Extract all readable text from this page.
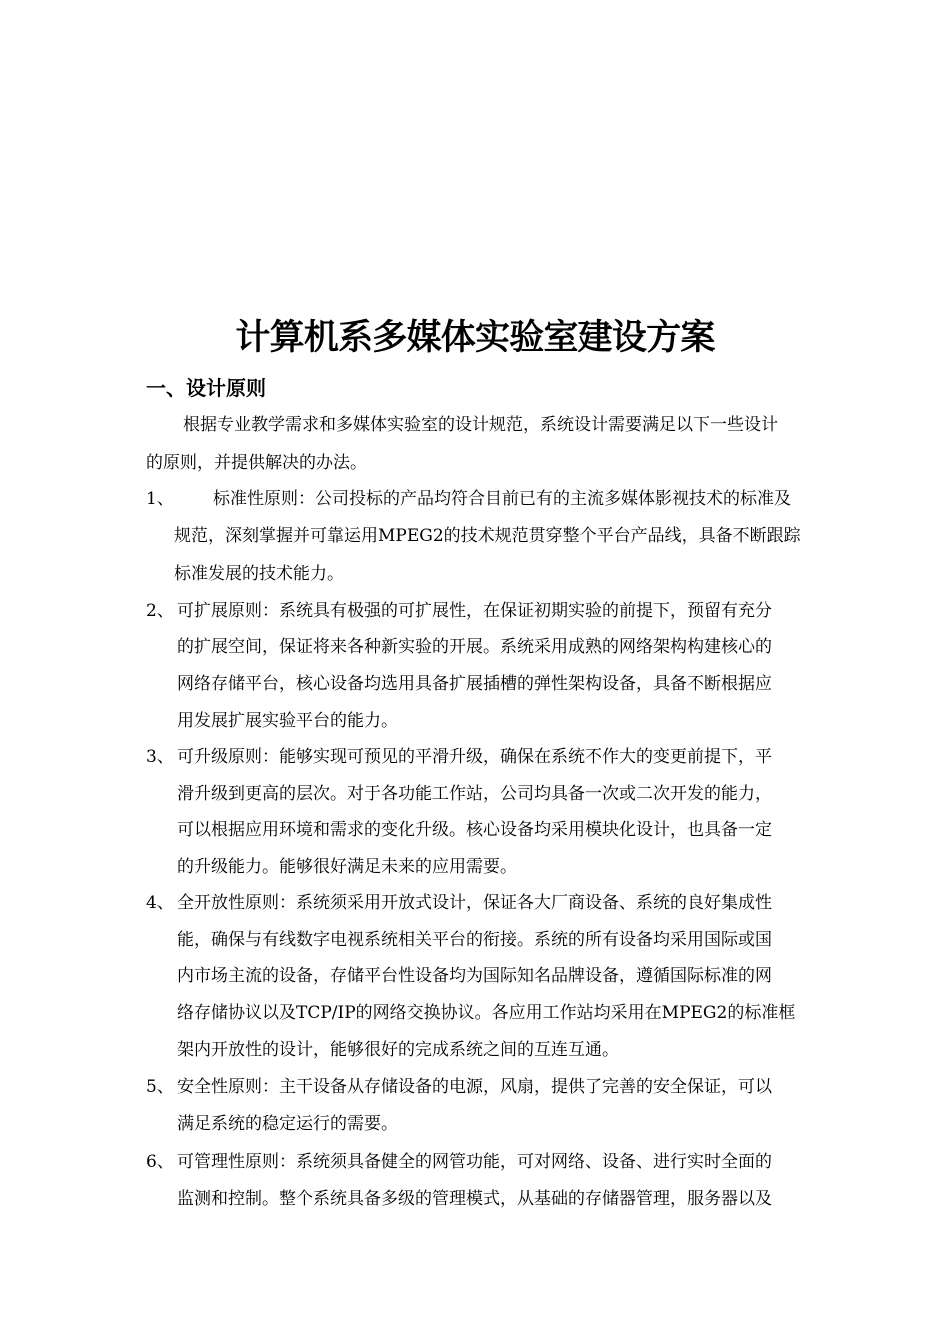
计算机系多媒体实验室建设方案
一、设计原则
根据专业教学需求和多媒体实验室的设计规范，系统设计需要满足以下一些设计
的原则，并提供解决的办法。
1、 标准性原则：公司投标的产品均符合目前已有的主流多媒体影视技术的标准及
规范，深刻掌握并可靠运用MPEG2的技术规范贯穿整个平台产品线，具备不断跟踪
标准发展的技术能力。
2、 可扩展原则：系统具有极强的可扩展性，在保证初期实验的前提下，预留有充分
的扩展空间，保证将来各种新实验的开展。系统采用成熟的网络架构构建核心的
网络存储平台，核心设备均选用具备扩展插槽的弹性架构设备，具备不断根据应
用发展扩展实验平台的能力。
3、 可升级原则：能够实现可预见的平滑升级，确保在系统不作大的变更前提下，平
滑升级到更高的层次。对于各功能工作站，公司均具备一次或二次开发的能力，
可以根据应用环境和需求的变化升级。核心设备均采用模块化设计，也具备一定
的升级能力。能够很好满足未来的应用需要。
4、 全开放性原则：系统须采用开放式设计，保证各大厂商设备、系统的良好集成性
能，确保与有线数字电视系统相关平台的衔接。系统的所有设备均采用国际或国
内市场主流的设备，存储平台性设备均为国际知名品牌设备，遵循国际标准的网
络存储协议以及TCP/IP的网络交换协议。各应用工作站均采用在MPEG2的标准框
架内开放性的设计，能够很好的完成系统之间的互连互通。
5、 安全性原则：主干设备从存储设备的电源，风扇，提供了完善的安全保证，可以
满足系统的稳定运行的需要。
6、 可管理性原则：系统须具备健全的网管功能，可对网络、设备、进行实时全面的
监测和控制。整个系统具备多级的管理模式，从基础的存储器管理，服务器以及
